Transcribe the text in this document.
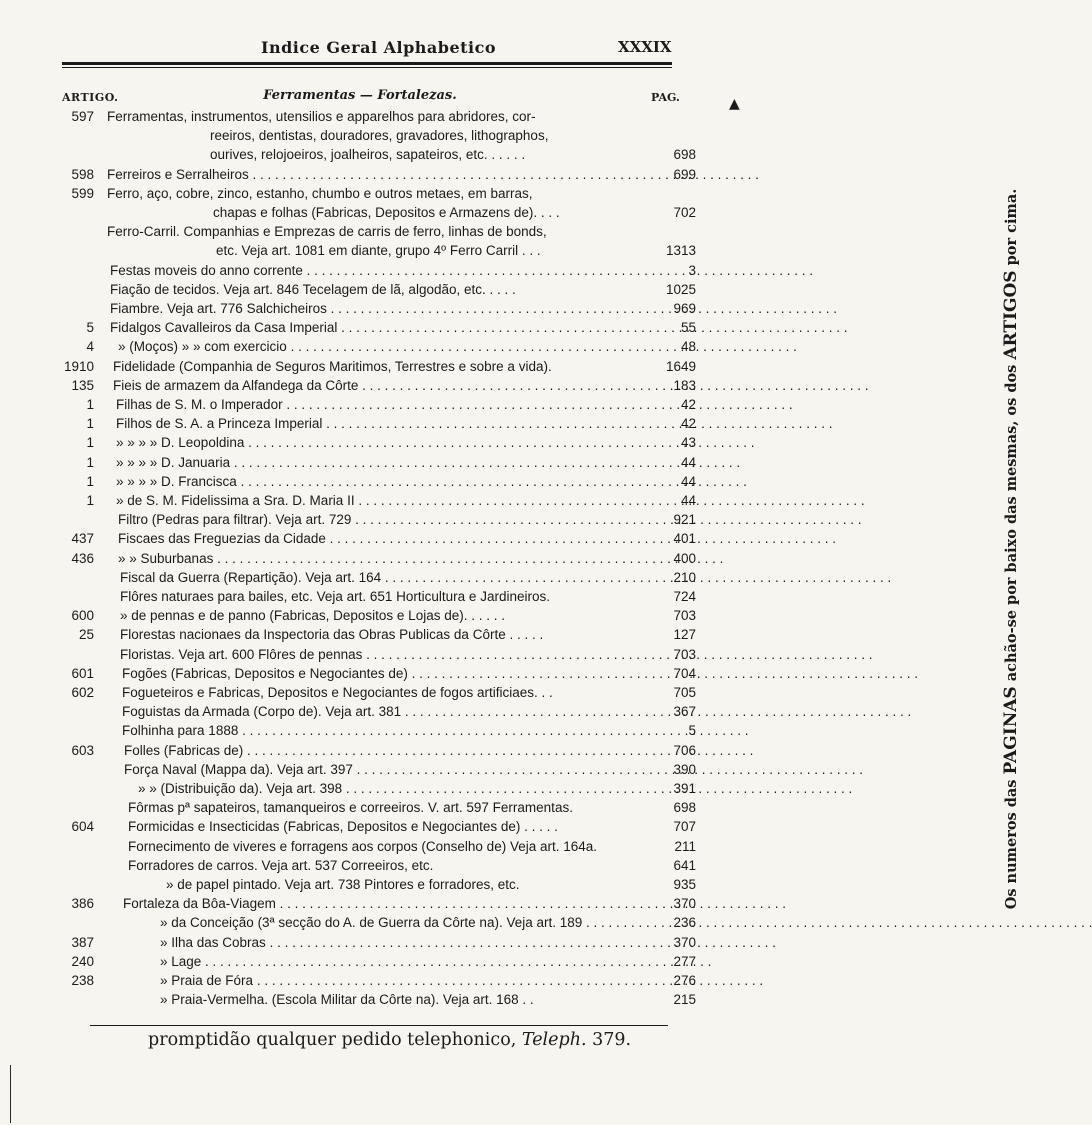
Indice Geral Alphabetico	XXXIX
ARTIGO.	Ferramentas — Fortalezas.	PAG.
597 Ferramentas, instrumentos, utensilios e apparelhos para abridores, cor-
reeiros, dentistas, douradores, gravadores, lithographos,
ourives, relojoeiros, joalheiros, sapateiros, etc. . . . . .	698
598 Ferreiros e Serralheiros . . .	699
599 Ferro, aço, cobre, zinco, estanho, chumbo e outros metaes, em barras,
chapas e folhas (Fabricas, Depositos e Armazens de). . . .	702
Ferro-Carril. Companhias e Emprezas de carris de ferro, linhas de bonds,
etc. Veja art. 1081 em diante, grupo 4º Ferro Carril . . .	1313
Festas moveis do anno corrente . . .	3
Fiação de tecidos. Veja art. 846 Tecelagem de lã, algodão, etc. . . . .	1025
Fiambre. Veja art. 776 Salchicheiros . . .	969
5 Fidalgos Cavalleiros da Casa Imperial . . .	55
4 » (Moços) » » com exercicio . . .	48
1910 Fidelidade (Companhia de Seguros Maritimos, Terrestres e sobre a vida).	1649
135 Fieis de armazem da Alfandega da Côrte . . .	183
1 Filhas de S. M. o Imperador . . .	42
1 Filhos de S. A. a Princeza Imperial . . .	42
1 » » » » D. Leopoldina . . .	43
1 » » » » D. Januaria . . .	44
1 » » » » D. Francisca . . .	44
1 » de S. M. Fidelissima a Sra. D. Maria II . . .	44
Filtro (Pedras para filtrar). Veja art. 729 . . .	921
437 Fiscaes das Freguezias da Cidade . . .	401
436 » » Suburbanas . . .	400
Fiscal da Guerra (Repartição). Veja art. 164 . . .	210
Flôres naturaes para bailes, etc. Veja art. 651 Horticultura e Jardineiros.	724
600 » de pennas e de panno (Fabricas, Depositos e Lojas de). . . . . .	703
25 Florestas nacionaes da Inspectoria das Obras Publicas da Côrte . . . . .	127
Floristas. Veja art. 600 Flôres de pennas . . .	703
601 Fogões (Fabricas, Depositos e Negociantes de) . . .	704
602 Fogueteiros e Fabricas, Depositos e Negociantes de fogos artificiaes. . .	705
Foguistas da Armada (Corpo de). Veja art. 381 . . .	367
Folhinha para 1888 . . .	5
603 Folles (Fabricas de) . . .	706
Força Naval (Mappa da). Veja art. 397 . . .	390
» » (Distribuição da). Veja art. 398 . . .	391
Fôrmas pª sapateiros, tamanqueiros e correeiros. V. art. 597 Ferramentas.	698
604	Formicidas e Insecticidas (Fabricas, Depositos e Negociantes de) . . . . .	707
Fornecimento de viveres e forragens aos corpos (Conselho de) Veja art. 164a.	211
Forradores de carros. Veja art. 537 Correeiros, etc.	641
» de papel pintado. Veja art. 738 Pintores e forradores, etc.	935
386 Fortaleza da Bôa-Viagem . . .	370
» da Conceição (3ª secção do A. de Guerra da Côrte na). Veja art. 189 . . .	236
387	» Ilha das Cobras . . .	370
240	» Lage . . .	277
238	» Praia de Fóra . . .	276
» Praia-Vermelha. (Escola Militar da Côrte na). Veja art. 168 . .	215
promptidão qualquer pedido telephonico, Teleph. 379.
Os numeros das PAGINAS achão-se por baixo das mesmas, os dos ARTIGOS por cima.
▲
